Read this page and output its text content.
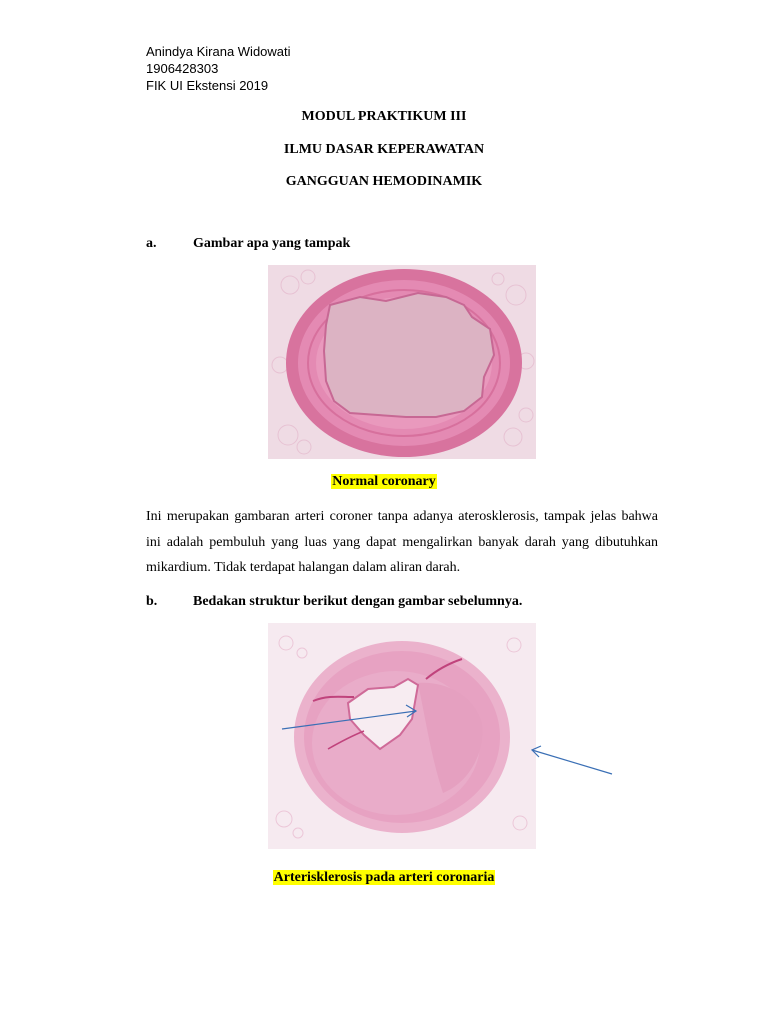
Anindya Kirana Widowati
1906428303
FIK UI Ekstensi 2019
MODUL PRAKTIKUM III
ILMU DASAR KEPERAWATAN
GANGGUAN HEMODINAMIK
a.	Gambar apa yang tampak
Normal coronary
Ini merupakan gambaran arteri coroner tanpa adanya aterosklerosis, tampak jelas bahwa ini adalah pembuluh yang luas yang dapat mengalirkan banyak darah yang dibutuhkan mikardium. Tidak terdapat halangan dalam aliran darah.
b.	Bedakan struktur berikut dengan gambar sebelumnya.
Arterisklerosis pada arteri coronaria
